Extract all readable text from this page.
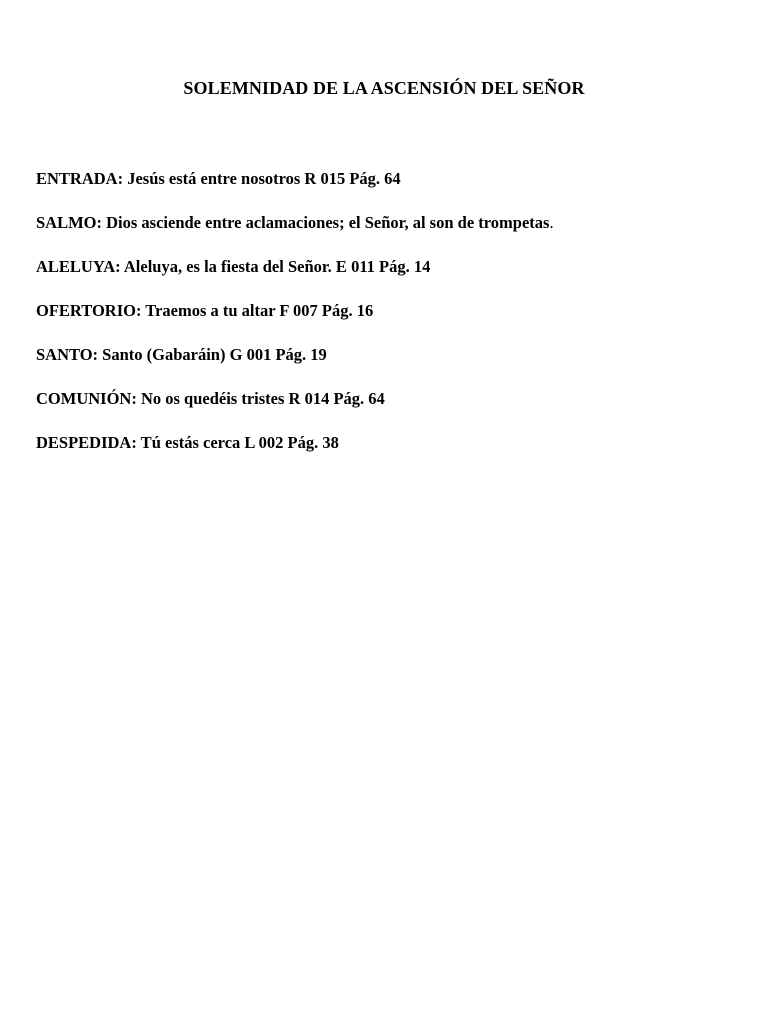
SOLEMNIDAD DE LA ASCENSIÓN DEL SEÑOR
ENTRADA: Jesús está entre nosotros R 015 Pág. 64
SALMO: Dios asciende entre aclamaciones; el Señor, al son de trompetas.
ALELUYA: Aleluya, es la fiesta del Señor. E 011 Pág. 14
OFERTORIO: Traemos a tu altar F 007 Pág. 16
SANTO: Santo (Gabaráin) G 001 Pág. 19
COMUNIÓN: No os quedéis tristes R 014 Pág. 64
DESPEDIDA: Tú estás cerca L 002 Pág. 38
